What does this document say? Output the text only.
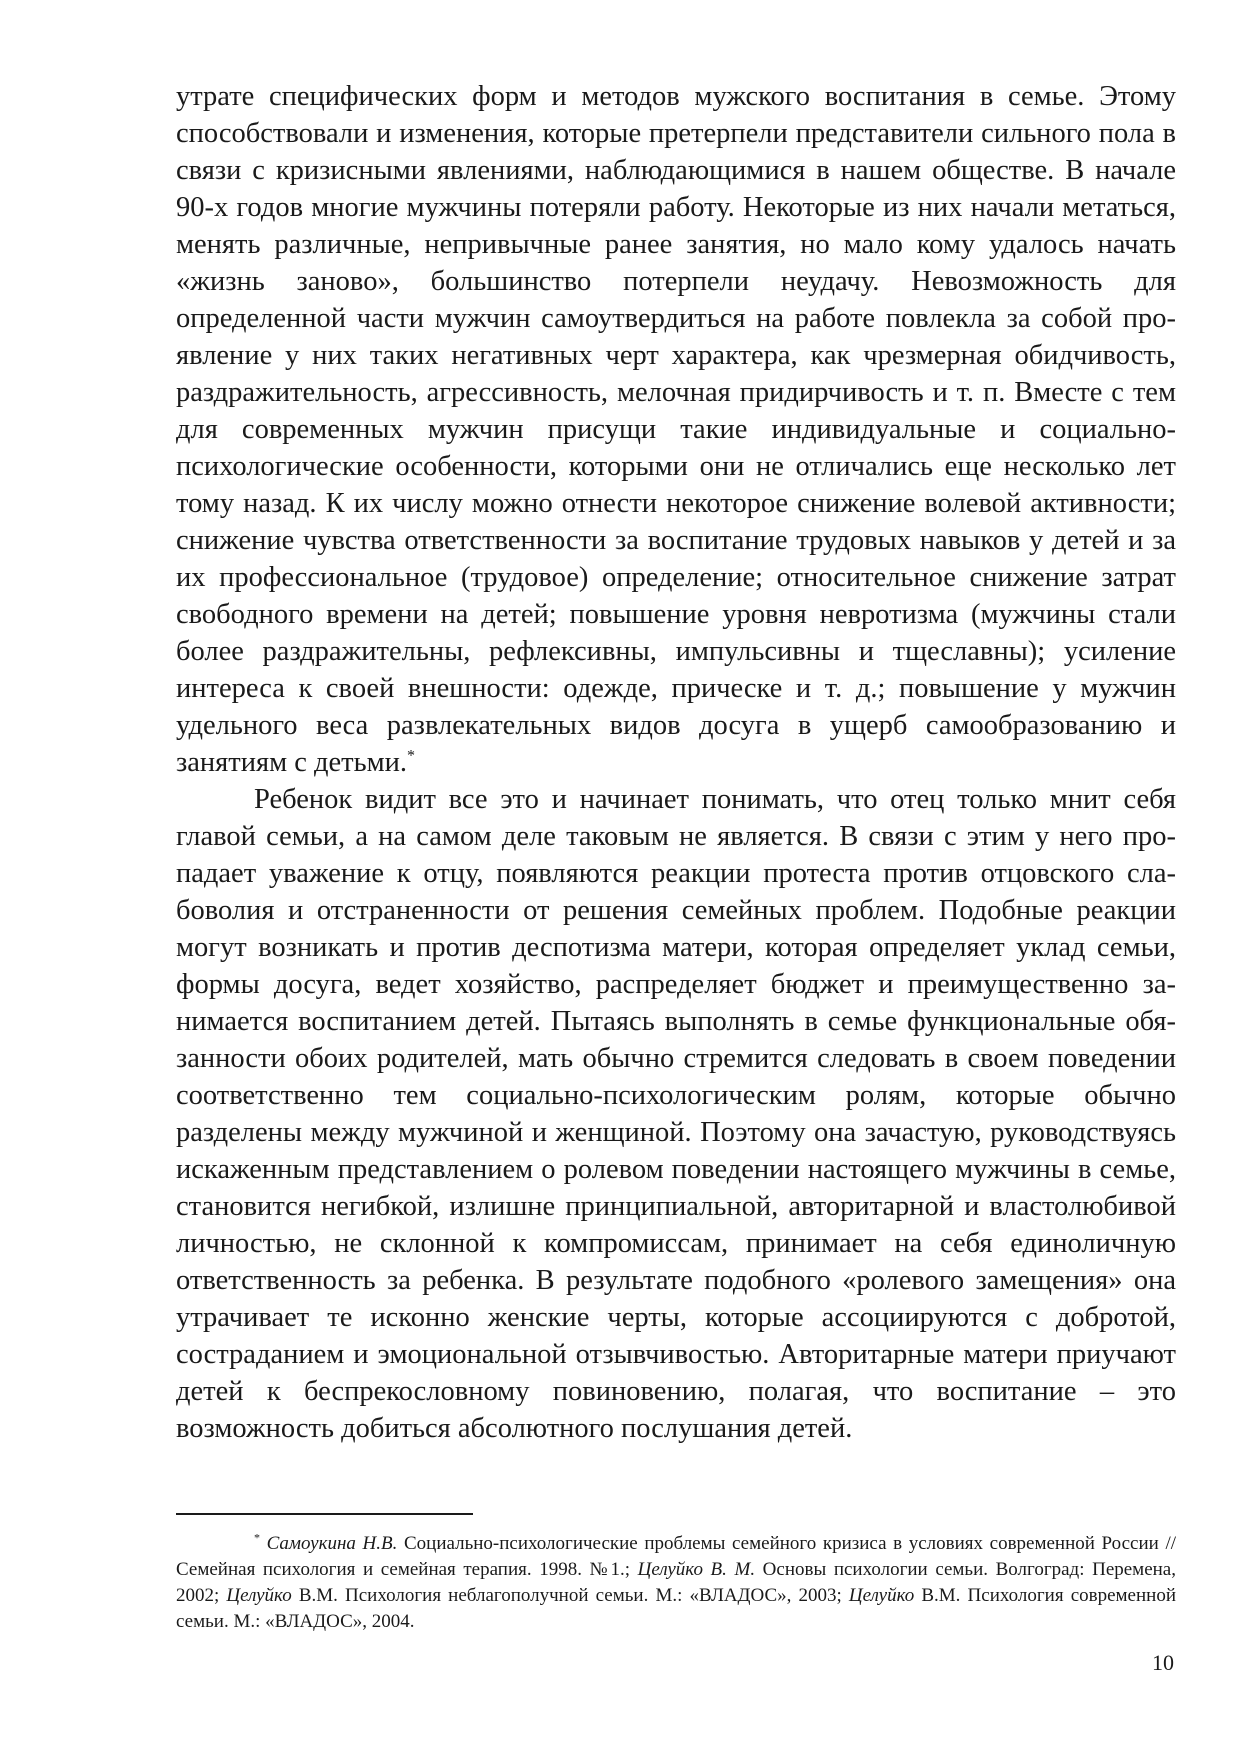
утрате специфических форм и методов мужского воспитания в семье. Этому способствовали и изменения, которые претерпели представители сильного пола в связи с кризисными явлениями, наблюдающимися в нашем обществе. В начале 90-х годов многие мужчины потеряли работу. Некоторые из них начали метаться, менять различные, непривычные ранее занятия, но мало кому удалось начать «жизнь заново», большинство потерпели неудачу. Невозможность для определенной части мужчин самоутвердиться на работе повлекла за собой проявление у них таких негативных черт характера, как чрезмерная обидчивость, раздражительность, агрессивность, мелочная придирчивость и т. п. Вместе с тем для современных мужчин присущи такие индивидуальные и социально-психологические особенности, которыми они не отличались еще несколько лет тому назад. К их числу можно отнести некоторое снижение волевой активности; снижение чувства ответственности за воспитание трудовых навыков у детей и за их профессиональное (трудовое) определение; относительное снижение затрат свободного времени на детей; повышение уровня невротизма (мужчины стали более раздражительны, рефлексивны, импульсивны и тщеславны); усиление интереса к своей внешности: одежде, прическе и т. д.; повышение у мужчин удельного веса развлекательных видов досуга в ущерб самообразованию и занятиям с детьми.*

Ребенок видит все это и начинает понимать, что отец только мнит себя главой семьи, а на самом деле таковым не является. В связи с этим у него пропадает уважение к отцу, появляются реакции протеста против отцовского слабоволия и отстраненности от решения семейных проблем. Подобные реакции могут возникать и против деспотизма матери, которая определяет уклад семьи, формы досуга, ведет хозяйство, распределяет бюджет и преимущественно занимается воспитанием детей. Пытаясь выполнять в семье функциональные обязанности обоих родителей, мать обычно стремится следовать в своем поведении соответственно тем социально-психологическим ролям, которые обычно разделены между мужчиной и женщиной. Поэтому она зачастую, руководствуясь искаженным представлением о ролевом поведении настоящего мужчины в семье, становится негибкой, излишне принципиальной, авторитарной и властолюбивой личностью, не склонной к компромиссам, принимает на себя единоличную ответственность за ребенка. В результате подобного «ролевого замещения» она утрачивает те исконно женские черты, которые ассоциируются с добротой, состраданием и эмоциональной отзывчивостью. Авторитарные матери приучают детей к беспрекословному повиновению, полагая, что воспитание – это возможность добиться абсолютного послушания детей.

* Самоукина Н.В. Социально-психологические проблемы семейного кризиса в условиях современной России //Семейная психология и семейная терапия. 1998. №1.; Целуйко В. М. Основы психологии семьи. Волгоград: Перемена, 2002; Целуйко В.М. Психология неблагополучной семьи. М.: «ВЛАДОС», 2003; Целуйко В.М. Психология современной семьи. М.: «ВЛАДОС», 2004.

10
